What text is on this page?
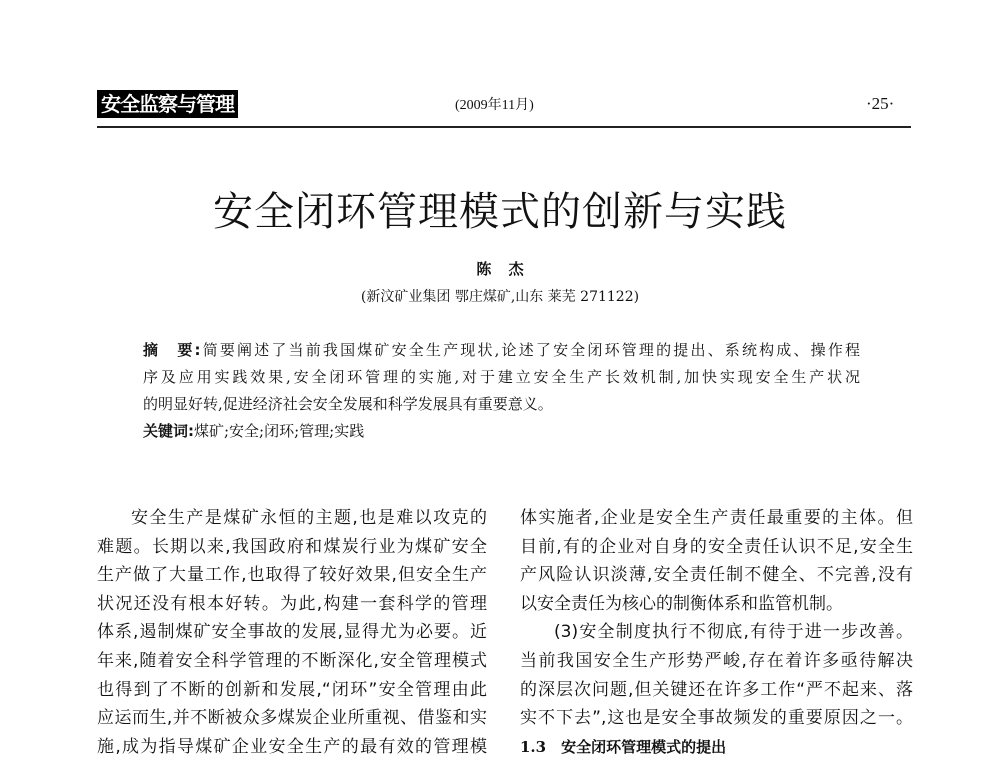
安全监察与管理	(2009年11月)	·25·
安全闭环管理模式的创新与实践
陈 杰
(新汶矿业集团 鄂庄煤矿,山东 莱芜 271122)
摘　要:简要阐述了当前我国煤矿安全生产现状,论述了安全闭环管理的提出、系统构成、操作程
序及应用实践效果,安全闭环管理的实施,对于建立安全生产长效机制,加快实现安全生产状况
的明显好转,促进经济社会安全发展和科学发展具有重要意义。
关键词:煤矿;安全;闭环;管理;实践
安全生产是煤矿永恒的主题,也是难以攻克的
难题。长期以来,我国政府和煤炭行业为煤矿安全
生产做了大量工作,也取得了较好效果,但安全生产
状况还没有根本好转。为此,构建一套科学的管理
体系,遏制煤矿安全事故的发展,显得尤为必要。近
年来,随着安全科学管理的不断深化,安全管理模式
也得到了不断的创新和发展,“闭环”安全管理由此
应运而生,并不断被众多煤炭企业所重视、借鉴和实
施,成为指导煤矿企业安全生产的最有效的管理模
体实施者,企业是安全生产责任最重要的主体。但
目前,有的企业对自身的安全责任认识不足,安全生
产风险认识淡薄,安全责任制不健全、不完善,没有
以安全责任为核心的制衡体系和监管机制。
(3)安全制度执行不彻底,有待于进一步改善。
当前我国安全生产形势严峻,存在着许多亟待解决
的深层次问题,但关键还在许多工作“严不起来、落
实不下去”,这也是安全事故频发的重要原因之一。
1.3　安全闭环管理模式的提出
